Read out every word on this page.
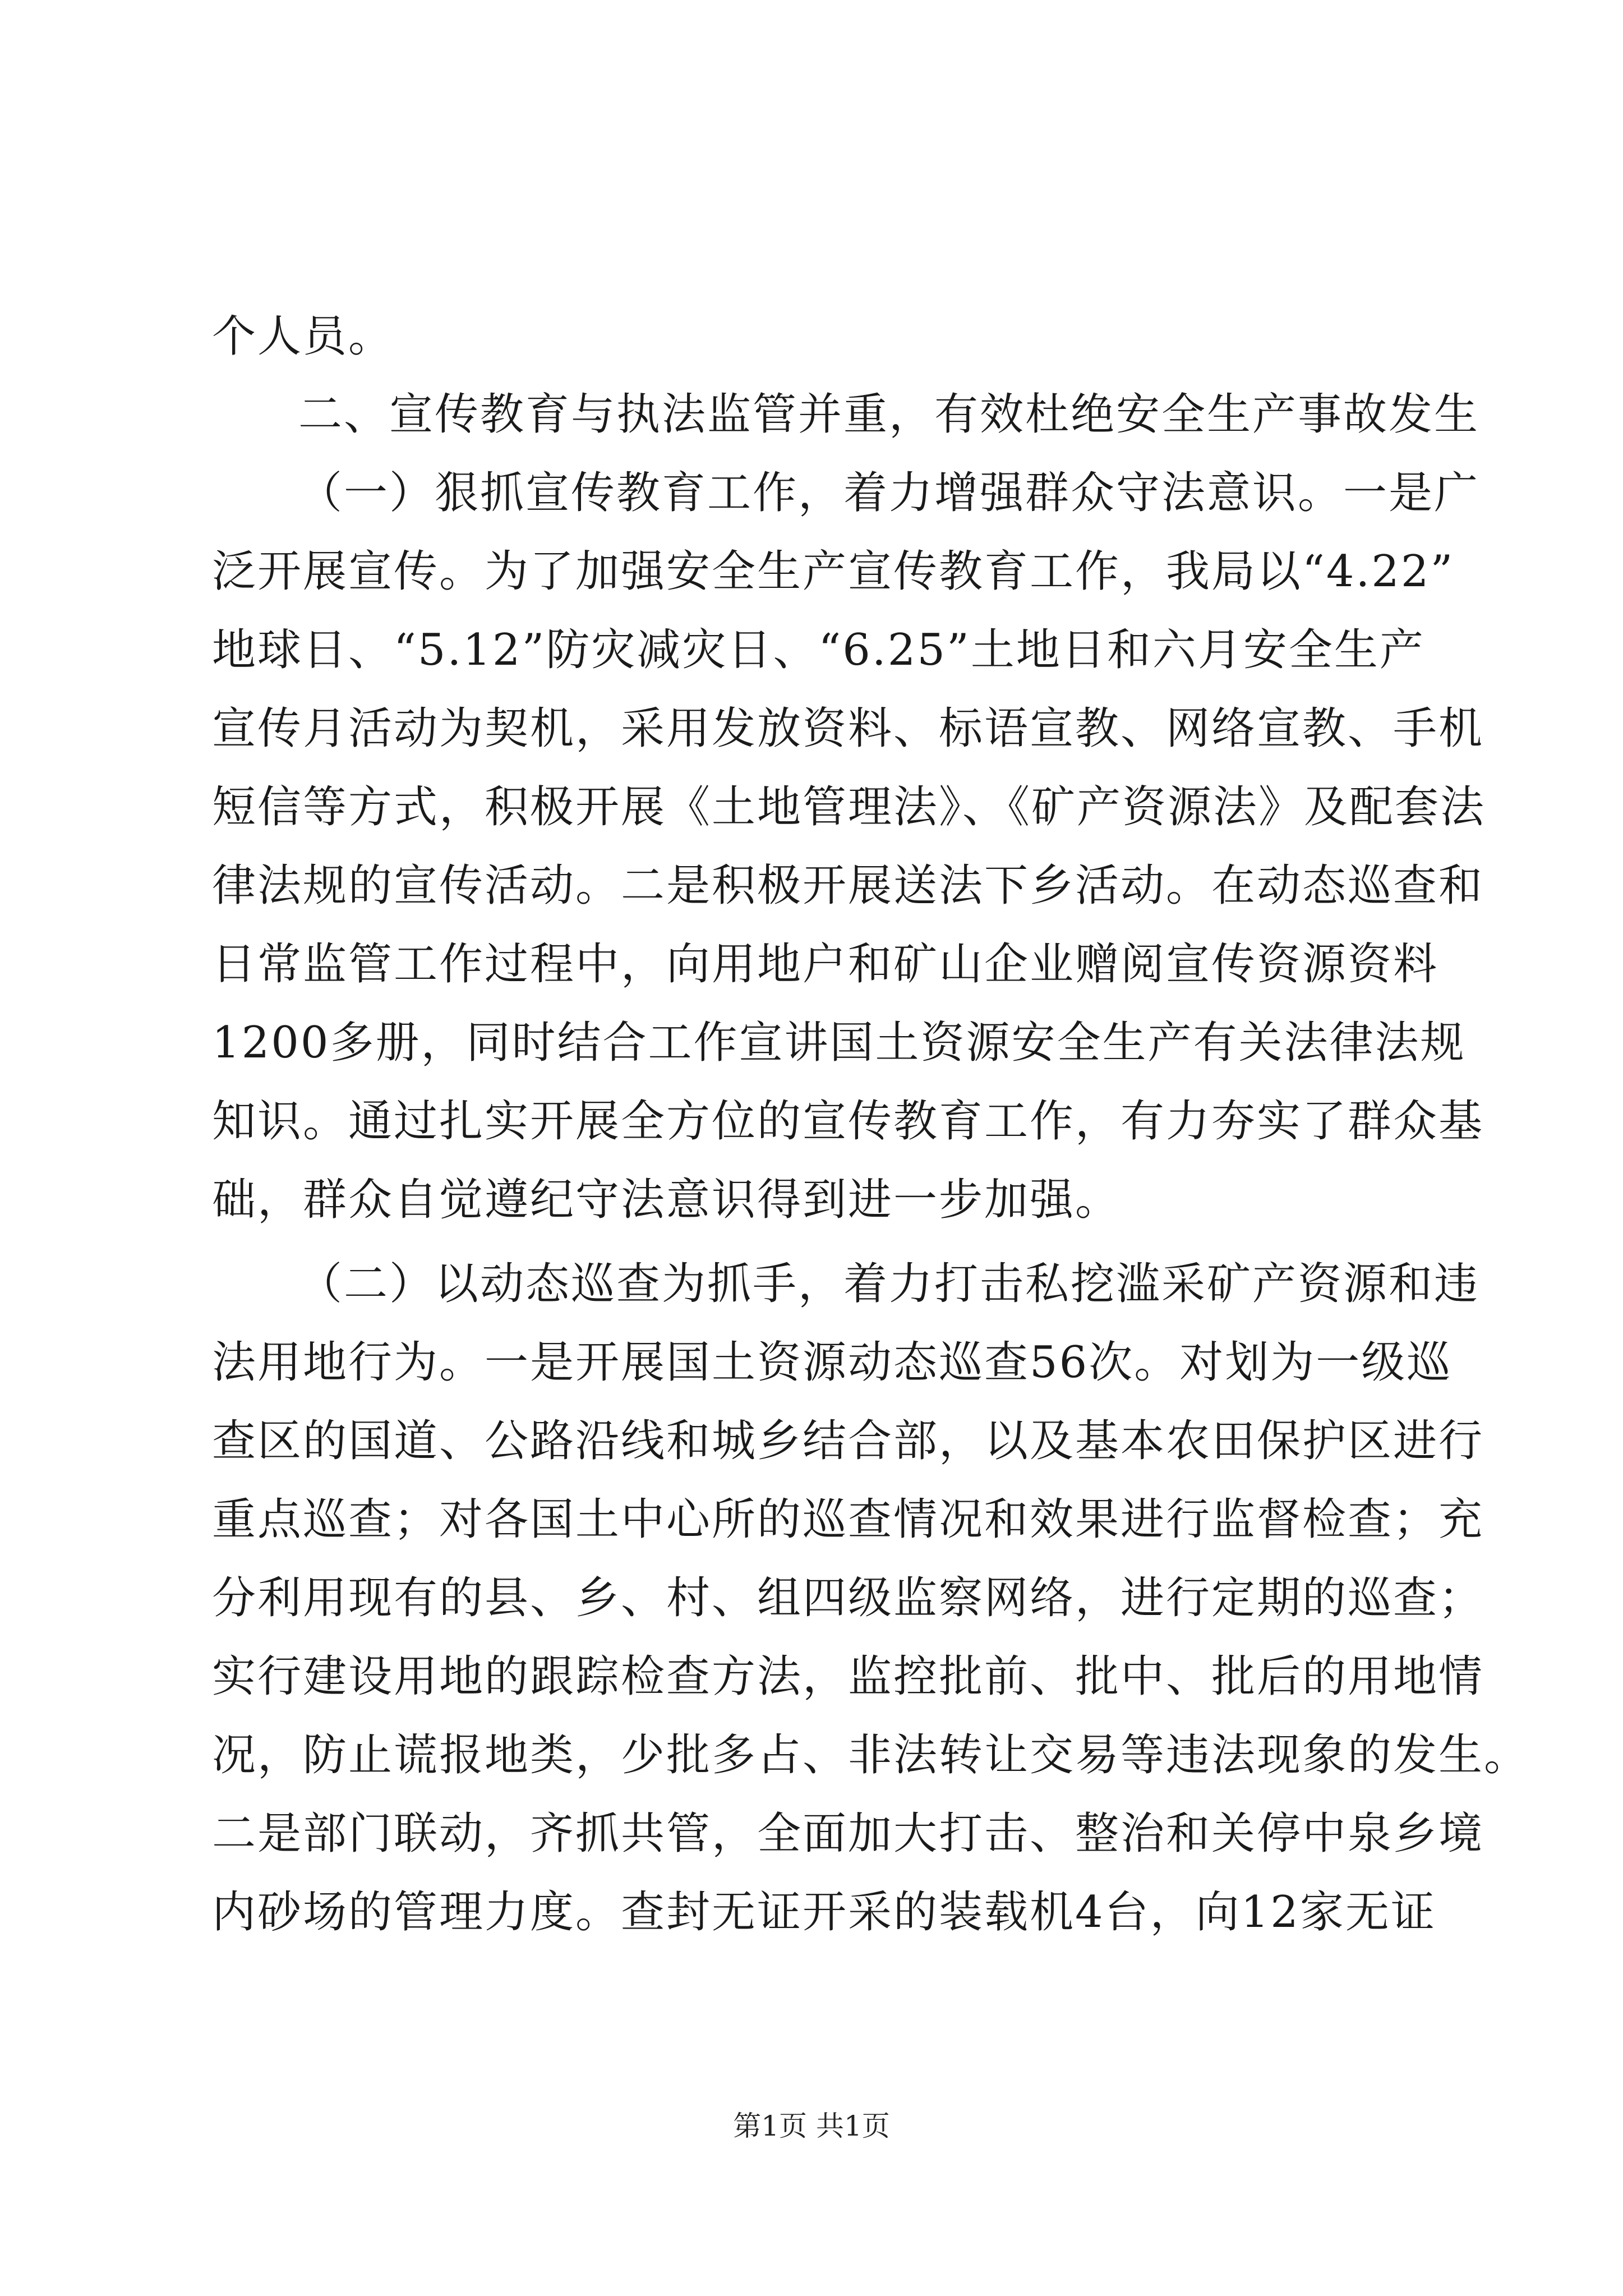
个人员。
二、宣传教育与执法监管并重，有效杜绝安全生产事故发生
（一）狠抓宣传教育工作，着力增强群众守法意识。一是广
泛开展宣传。为了加强安全生产宣传教育工作，我局以“4.22”
地球日、“5.12”防灾减灾日、“6.25”土地日和六月安全生产
宣传月活动为契机，采用发放资料、标语宣教、网络宣教、手机
短信等方式，积极开展《土地管理法》、《矿产资源法》及配套法
律法规的宣传活动。二是积极开展送法下乡活动。在动态巡查和
日常监管工作过程中，向用地户和矿山企业赠阅宣传资源资料
1200多册，同时结合工作宣讲国土资源安全生产有关法律法规
知识。通过扎实开展全方位的宣传教育工作，有力夯实了群众基
础，群众自觉遵纪守法意识得到进一步加强。
（二）以动态巡查为抓手，着力打击私挖滥采矿产资源和违
法用地行为。一是开展国土资源动态巡查56次。对划为一级巡
查区的国道、公路沿线和城乡结合部，以及基本农田保护区进行
重点巡查；对各国土中心所的巡查情况和效果进行监督检查；充
分利用现有的县、乡、村、组四级监察网络，进行定期的巡查；
实行建设用地的跟踪检查方法，监控批前、批中、批后的用地情
况，防止谎报地类，少批多占、非法转让交易等违法现象的发生。
二是部门联动，齐抓共管，全面加大打击、整治和关停中泉乡境
内砂场的管理力度。查封无证开采的装载机4台，向12家无证
第1页 共1页
